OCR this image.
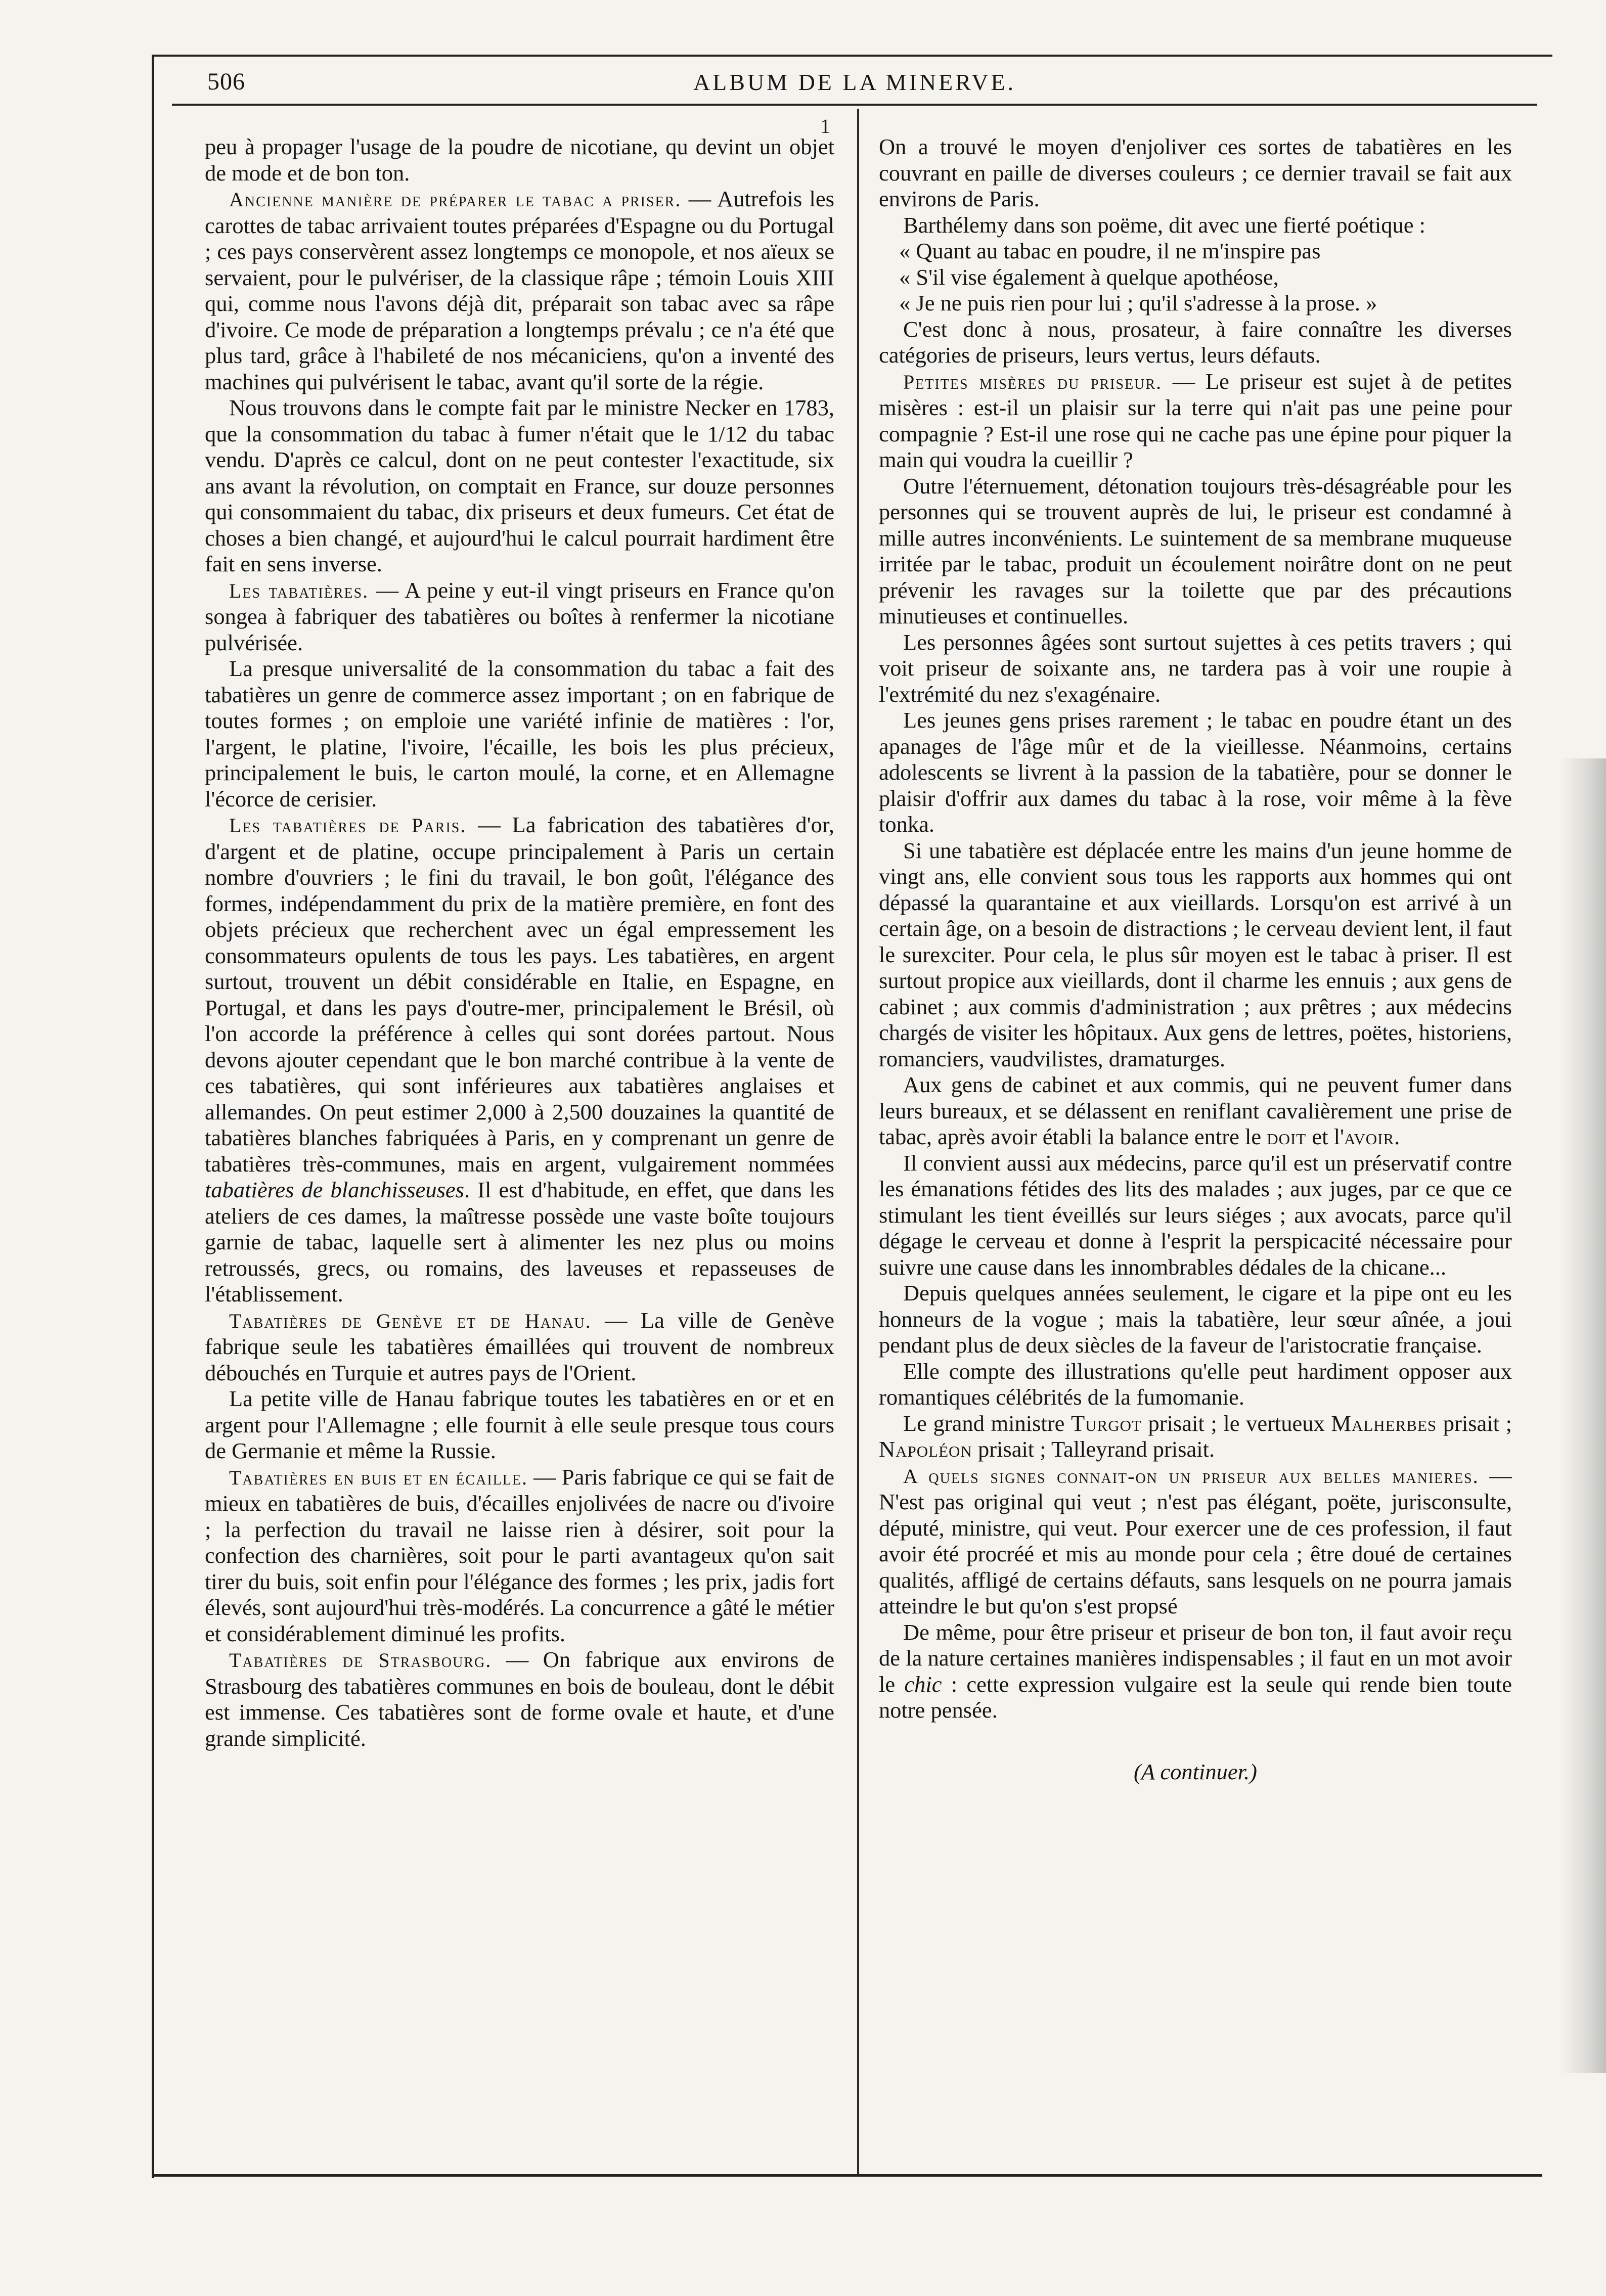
506	ALBUM DE LA MINERVE.
1

peu à propager l'usage de la poudre de nicotiane, qu devint un objet de mode et de bon ton.

Ancienne manière de préparer le tabac a priser. — Autrefois les carottes de tabac arrivaient toutes préparées d'Espagne ou du Portugal ; ces pays conservèrent assez longtemps ce monopole, et nos aïeux se servaient, pour le pulvériser, de la classique râpe ; témoin Louis XIII qui, comme nous l'avons déjà dit, préparait son tabac avec sa râpe d'ivoire. Ce mode de préparation a longtemps prévalu ; ce n'a été que plus tard, grâce à l'habileté de nos mécaniciens, qu'on a inventé des machines qui pulvérisent le tabac, avant qu'il sorte de la régie.

Nous trouvons dans le compte fait par le ministre Necker en 1783, que la consommation du tabac à fumer n'était que le 1/12 du tabac vendu. D'après ce calcul, dont on ne peut contester l'exactitude, six ans avant la révolution, on comptait en France, sur douze personnes qui consommaient du tabac, dix priseurs et deux fumeurs. Cet état de choses a bien changé, et aujourd'hui le calcul pourrait hardiment être fait en sens inverse.

Les tabatières. — A peine y eut-il vingt priseurs en France qu'on songea à fabriquer des tabatières ou boîtes à renfermer la nicotiane pulvérisée.

La presque universalité de la consommation du tabac a fait des tabatières un genre de commerce assez important ; on en fabrique de toutes formes ; on emploie une variété infinie de matières : l'or, l'argent, le platine, l'ivoire, l'écaille, les bois les plus précieux, principalement le buis, le carton moulé, la corne, et en Allemagne l'écorce de cerisier.

Les tabatières de Paris. — La fabrication des tabatières d'or, d'argent et de platine, occupe principalement à Paris un certain nombre d'ouvriers ; le fini du travail, le bon goût, l'élégance des formes, indépendamment du prix de la matière première, en font des objets précieux que recherchent avec un égal empressement les consommateurs opulents de tous les pays. Les tabatières, en argent surtout, trouvent un débit considérable en Italie, en Espagne, en Portugal, et dans les pays d'outre-mer, principalement le Brésil, où l'on accorde la préférence à celles qui sont dorées partout. Nous devons ajouter cependant que le bon marché contribue à la vente de ces tabatières, qui sont inférieures aux tabatières anglaises et allemandes. On peut estimer 2,000 à 2,500 douzaines la quantité de tabatières blanches fabriquées à Paris, en y comprenant un genre de tabatières très-communes, mais en argent, vulgairement nommées tabatières de blanchisseuses. Il est d'habitude, en effet, que dans les ateliers de ces dames, la maîtresse possède une vaste boîte toujours garnie de tabac, laquelle sert à alimenter les nez plus ou moins retroussés, grecs, ou romains, des laveuses et repasseuses de l'établissement.

Tabatières de Genève et de Hanau. — La ville de Genève fabrique seule les tabatières émaillées qui trouvent de nombreux débouchés en Turquie et autres pays de l'Orient.

La petite ville de Hanau fabrique toutes les tabatières en or et en argent pour l'Allemagne ; elle fournit à elle seule presque tous cours de Germanie et même la Russie.

Tabatières en buis et en écaille. — Paris fabrique ce qui se fait de mieux en tabatières de buis, d'écailles enjolivées de nacre ou d'ivoire ; la perfection du travail ne laisse rien à désirer, soit pour la confection des charnières, soit pour le parti avantageux qu'on sait tirer du buis, soit enfin pour l'élégance des formes ; les prix, jadis fort élevés, sont aujourd'hui très-modérés. La concurrence a gâté le métier et considérablement diminué les profits.

Tabatières de Strasbourg. — On fabrique aux environs de Strasbourg des tabatières communes en bois de bouleau, dont le débit est immense. Ces tabatières sont de forme ovale et haute, et d'une grande simplicité.

On a trouvé le moyen d'enjoliver ces sortes de tabatières en les couvrant en paille de diverses couleurs ; ce dernier travail se fait aux environs de Paris.

Barthélemy dans son poëme, dit avec une fierté poétique :

« Quant au tabac en poudre, il ne m'inspire pas

« S'il vise également à quelque apothéose,

« Je ne puis rien pour lui ; qu'il s'adresse à la prose. »

C'est donc à nous, prosateur, à faire connaître les diverses catégories de priseurs, leurs vertus, leurs défauts.

Petites misères du priseur. — Le priseur est sujet à de petites misères : est-il un plaisir sur la terre qui n'ait pas une peine pour compagnie ? Est-il une rose qui ne cache pas une épine pour piquer la main qui voudra la cueillir ?

Outre l'éternuement, détonation toujours très-désagréable pour les personnes qui se trouvent auprès de lui, le priseur est condamné à mille autres inconvénients. Le suintement de sa membrane muqueuse irritée par le tabac, produit un écoulement noirâtre dont on ne peut prévenir les ravages sur la toilette que par des précautions minutieuses et continuelles.

Les personnes âgées sont surtout sujettes à ces petits travers ; qui voit priseur de soixante ans, ne tardera pas à voir une roupie à l'extrémité du nez s'exagénaire.

Les jeunes gens prises rarement ; le tabac en poudre étant un des apanages de l'âge mûr et de la vieillesse. Néanmoins, certains adolescents se livrent à la passion de la tabatière, pour se donner le plaisir d'offrir aux dames du tabac à la rose, voir même à la fève tonka.

Si une tabatière est déplacée entre les mains d'un jeune homme de vingt ans, elle convient sous tous les rapports aux hommes qui ont dépassé la quarantaine et aux vieillards. Lorsqu'on est arrivé à un certain âge, on a besoin de distractions ; le cerveau devient lent, il faut le surexciter. Pour cela, le plus sûr moyen est le tabac à priser. Il est surtout propice aux vieillards, dont il charme les ennuis ; aux gens de cabinet ; aux commis d'administration ; aux prêtres ; aux médecins chargés de visiter les hôpitaux. Aux gens de lettres, poëtes, historiens, romanciers, vaudvilistes, dramaturges.

Aux gens de cabinet et aux commis, qui ne peuvent fumer dans leurs bureaux, et se délassent en reniflant cavalièrement une prise de tabac, après avoir établi la balance entre le doit et l'avoir.

Il convient aussi aux médecins, parce qu'il est un préservatif contre les émanations fétides des lits des malades ; aux juges, par ce que ce stimulant les tient éveillés sur leurs siéges ; aux avocats, parce qu'il dégage le cerveau et donne à l'esprit la perspicacité nécessaire pour suivre une cause dans les innombrables dédales de la chicane...

Depuis quelques années seulement, le cigare et la pipe ont eu les honneurs de la vogue ; mais la tabatière, leur sœur aînée, a joui pendant plus de deux siècles de la faveur de l'aristocratie française.

Elle compte des illustrations qu'elle peut hardiment opposer aux romantiques célébrités de la fumomanie.

Le grand ministre Turgot prisait ; le vertueux Malherbes prisait ; Napoléon prisait ; Talleyrand prisait.

A quels signes connait-on un priseur aux belles manieres. — N'est pas original qui veut ; n'est pas élégant, poëte, jurisconsulte, député, ministre, qui veut. Pour exercer une de ces profession, il faut avoir été procréé et mis au monde pour cela ; être doué de certaines qualités, affligé de certains défauts, sans lesquels on ne pourra jamais atteindre le but qu'on s'est propsé

De même, pour être priseur et priseur de bon ton, il faut avoir reçu de la nature certaines manières indispensables ; il faut en un mot avoir le chic : cette expression vulgaire est la seule qui rende bien toute notre pensée.

(A continuer.)
